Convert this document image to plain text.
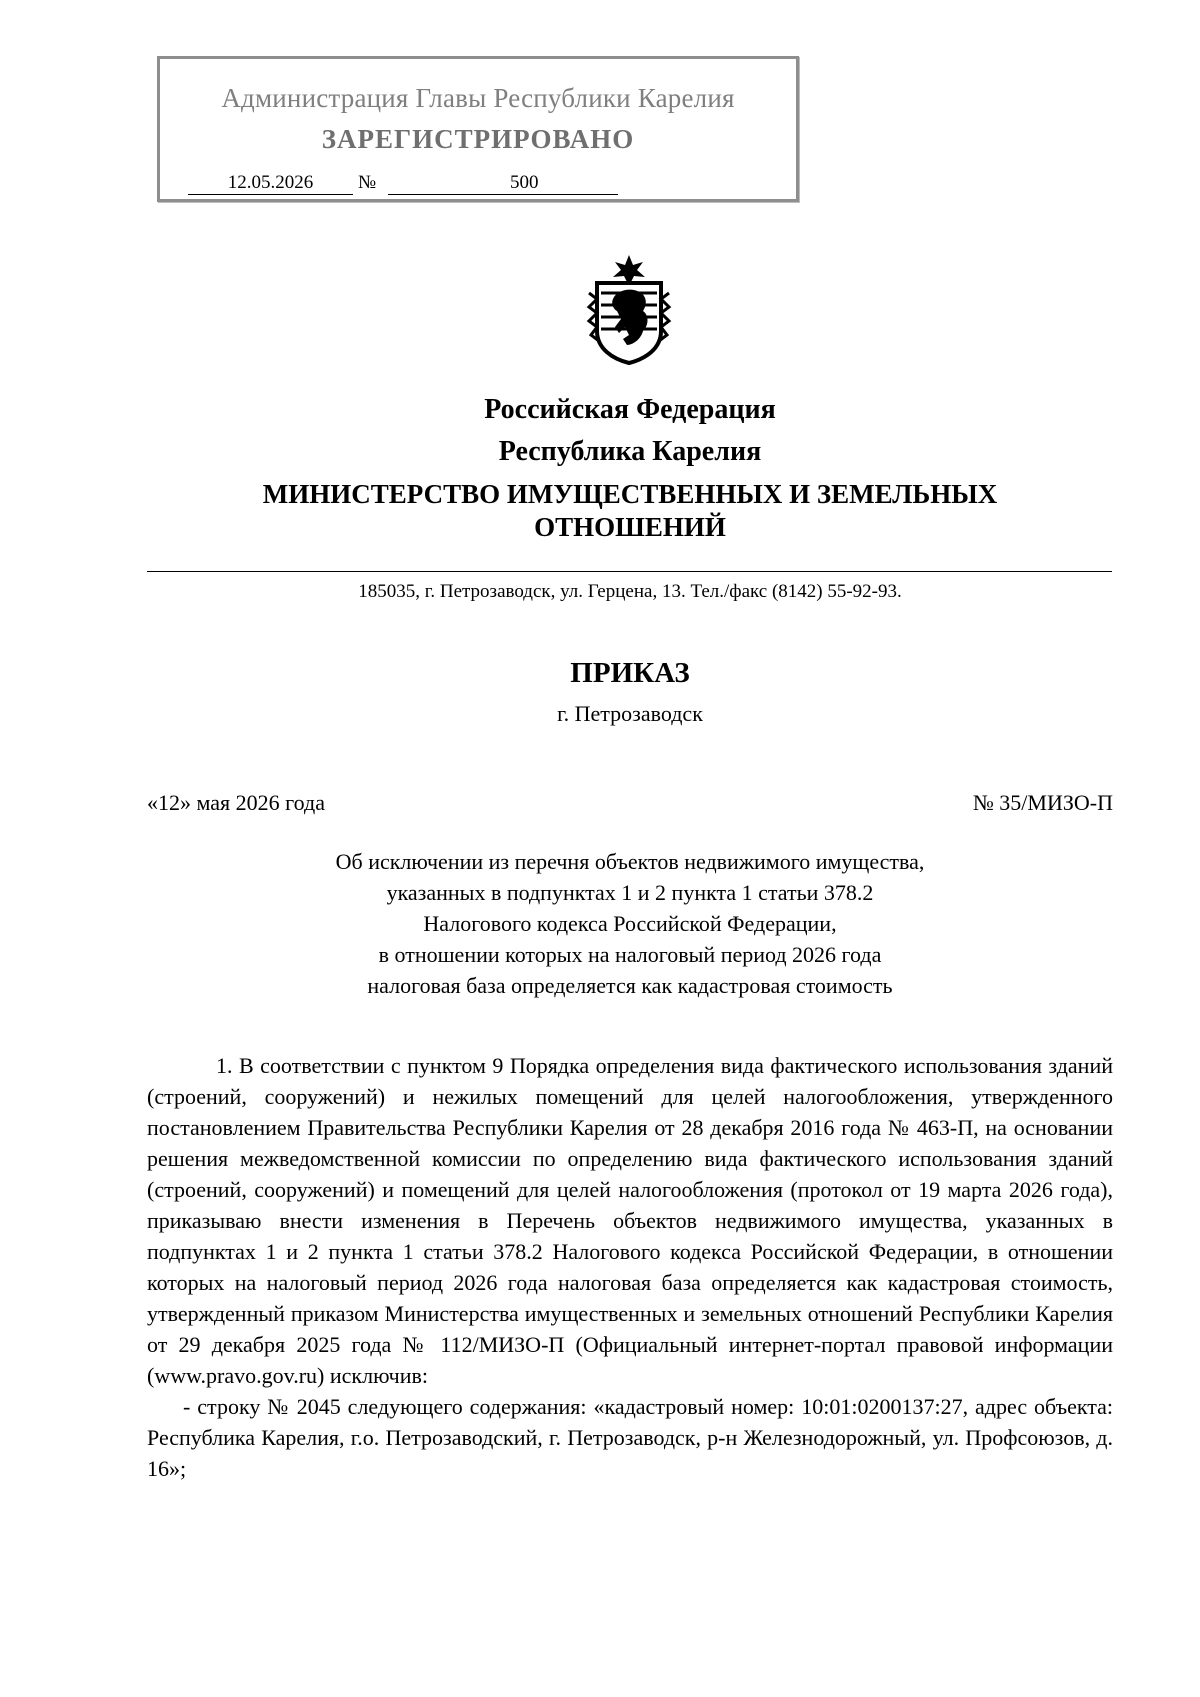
Администрация Главы Республики Карелия
ЗАРЕГИСТРИРОВАНО
12.05.2026	№	500
Российская Федерация
Республика Карелия
МИНИСТЕРСТВО ИМУЩЕСТВЕННЫХ И ЗЕМЕЛЬНЫХ ОТНОШЕНИЙ
185035, г. Петрозаводск, ул. Герцена, 13. Тел./факс (8142) 55-92-93.
ПРИКАЗ
г. Петрозаводск
«12» мая 2026 года	№ 35/МИЗО-П
Об исключении из перечня объектов недвижимого имущества,
указанных в подпунктах 1 и 2 пункта 1 статьи 378.2
Налогового кодекса Российской Федерации,
в отношении которых на налоговый период 2026 года
налоговая база определяется как кадастровая стоимость

1. В соответствии с пунктом 9 Порядка определения вида фактического использования зданий (строений, сооружений) и нежилых помещений для целей налогообложения, утвержденного постановлением Правительства Республики Карелия от 28 декабря 2016 года № 463-П, на основании решения межведомственной комиссии по определению вида фактического использования зданий (строений, сооружений) и помещений для целей налогообложения (протокол от 19 марта 2026 года), приказываю внести изменения в Перечень объектов недвижимого имущества, указанных в подпунктах 1 и 2 пункта 1 статьи 378.2 Налогового кодекса Российской Федерации, в отношении которых на налоговый период 2026 года налоговая база определяется как кадастровая стоимость, утвержденный приказом Министерства имущественных и земельных отношений Республики Карелия от 29 декабря 2025 года № 112/МИЗО-П (Официальный интернет-портал правовой информации (www.pravo.gov.ru) исключив:

- строку № 2045 следующего содержания: «кадастровый номер: 10:01:0200137:27, адрес объекта: Республика Карелия, г.о. Петрозаводский, г. Петрозаводск, р-н Железнодорожный, ул. Профсоюзов, д. 16»;
